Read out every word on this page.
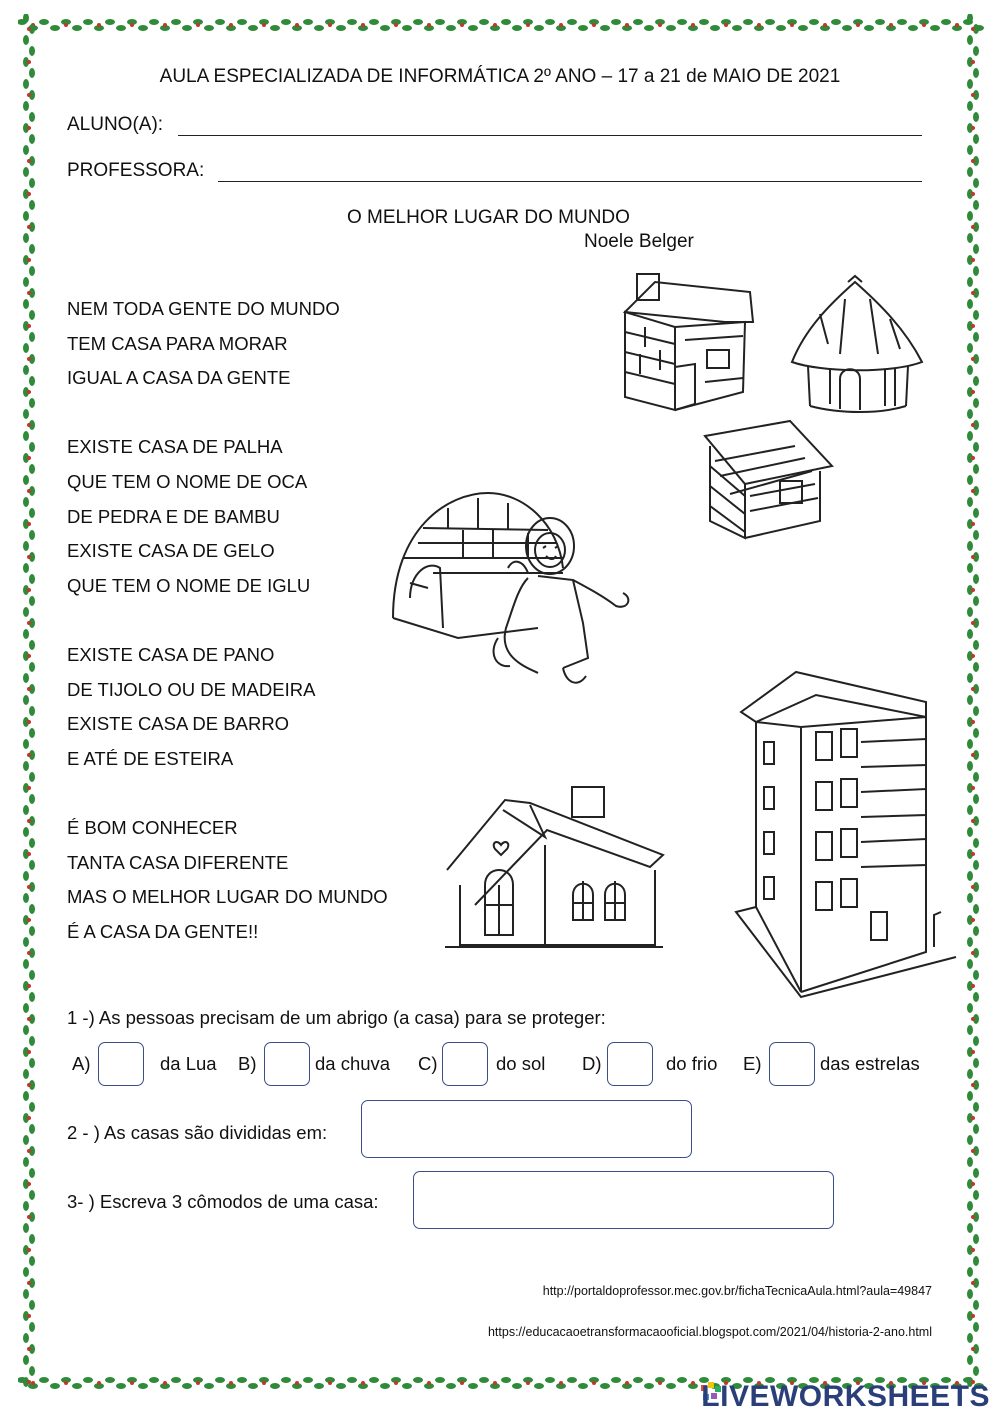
AULA ESPECIALIZADA DE INFORMÁTICA 2º ANO – 17 a 21 de MAIO DE 2021
ALUNO(A):
PROFESSORA:
O MELHOR LUGAR DO MUNDO
Noele Belger
NEM TODA GENTE DO MUNDO
TEM CASA PARA MORAR
IGUAL A CASA DA GENTE
EXISTE CASA DE PALHA
QUE TEM O NOME DE OCA
DE PEDRA E DE BAMBU
EXISTE CASA DE GELO
QUE TEM O NOME DE IGLU
EXISTE CASA DE PANO
DE TIJOLO OU DE MADEIRA
EXISTE CASA DE BARRO
E ATÉ DE ESTEIRA
É BOM CONHECER
TANTA CASA DIFERENTE
MAS O MELHOR LUGAR DO MUNDO
É A CASA DA GENTE!!
1 -) As pessoas precisam de um abrigo (a casa) para se proteger:
A)	da Lua B)	da chuva C)	do sol D)	do frio E)	das estrelas
2 - ) As casas são divididas em:
3- ) Escreva 3 cômodos de uma casa:
http://portaldoprofessor.mec.gov.br/fichaTecnicaAula.html?aula=49847
https://educacaoetransformacaooficial.blogspot.com/2021/04/historia-2-ano.html
LIVEWORKSHEETS
